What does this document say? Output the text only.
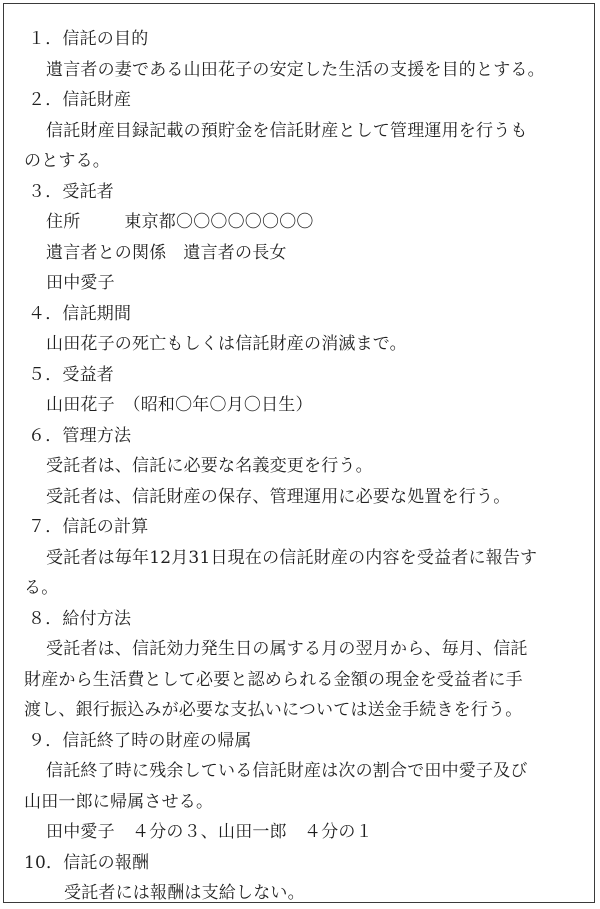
１．信託の目的
遺言者の妻である山田花子の安定した生活の支援を目的とする。
２．信託財産
信託財産目録記載の預貯金を信託財産として管理運用を行うも
のとする。
３．受託者
住所	東京都〇〇〇〇〇〇〇〇
遺言者との関係 遺言者の長女
田中愛子
４．信託期間
山田花子の死亡もしくは信託財産の消滅まで。
５．受益者
山田花子　（昭和〇年〇月〇日生）
６．管理方法
受託者は、信託に必要な名義変更を行う。
受託者は、信託財産の保存、管理運用に必要な処置を行う。
７．信託の計算
受託者は毎年12月31日現在の信託財産の内容を受益者に報告す
る。
８．給付方法
受託者は、信託効力発生日の属する月の翌月から、毎月、信託
財産から生活費として必要と認められる金額の現金を受益者に手
渡し、銀行振込みが必要な支払いについては送金手続きを行う。
９．信託終了時の財産の帰属
信託終了時に残余している信託財産は次の割合で田中愛子及び
山田一郎に帰属させる。
田中愛子　４分の３、山田一郎　４分の１
10．信託の報酬
受託者には報酬は支給しない。
